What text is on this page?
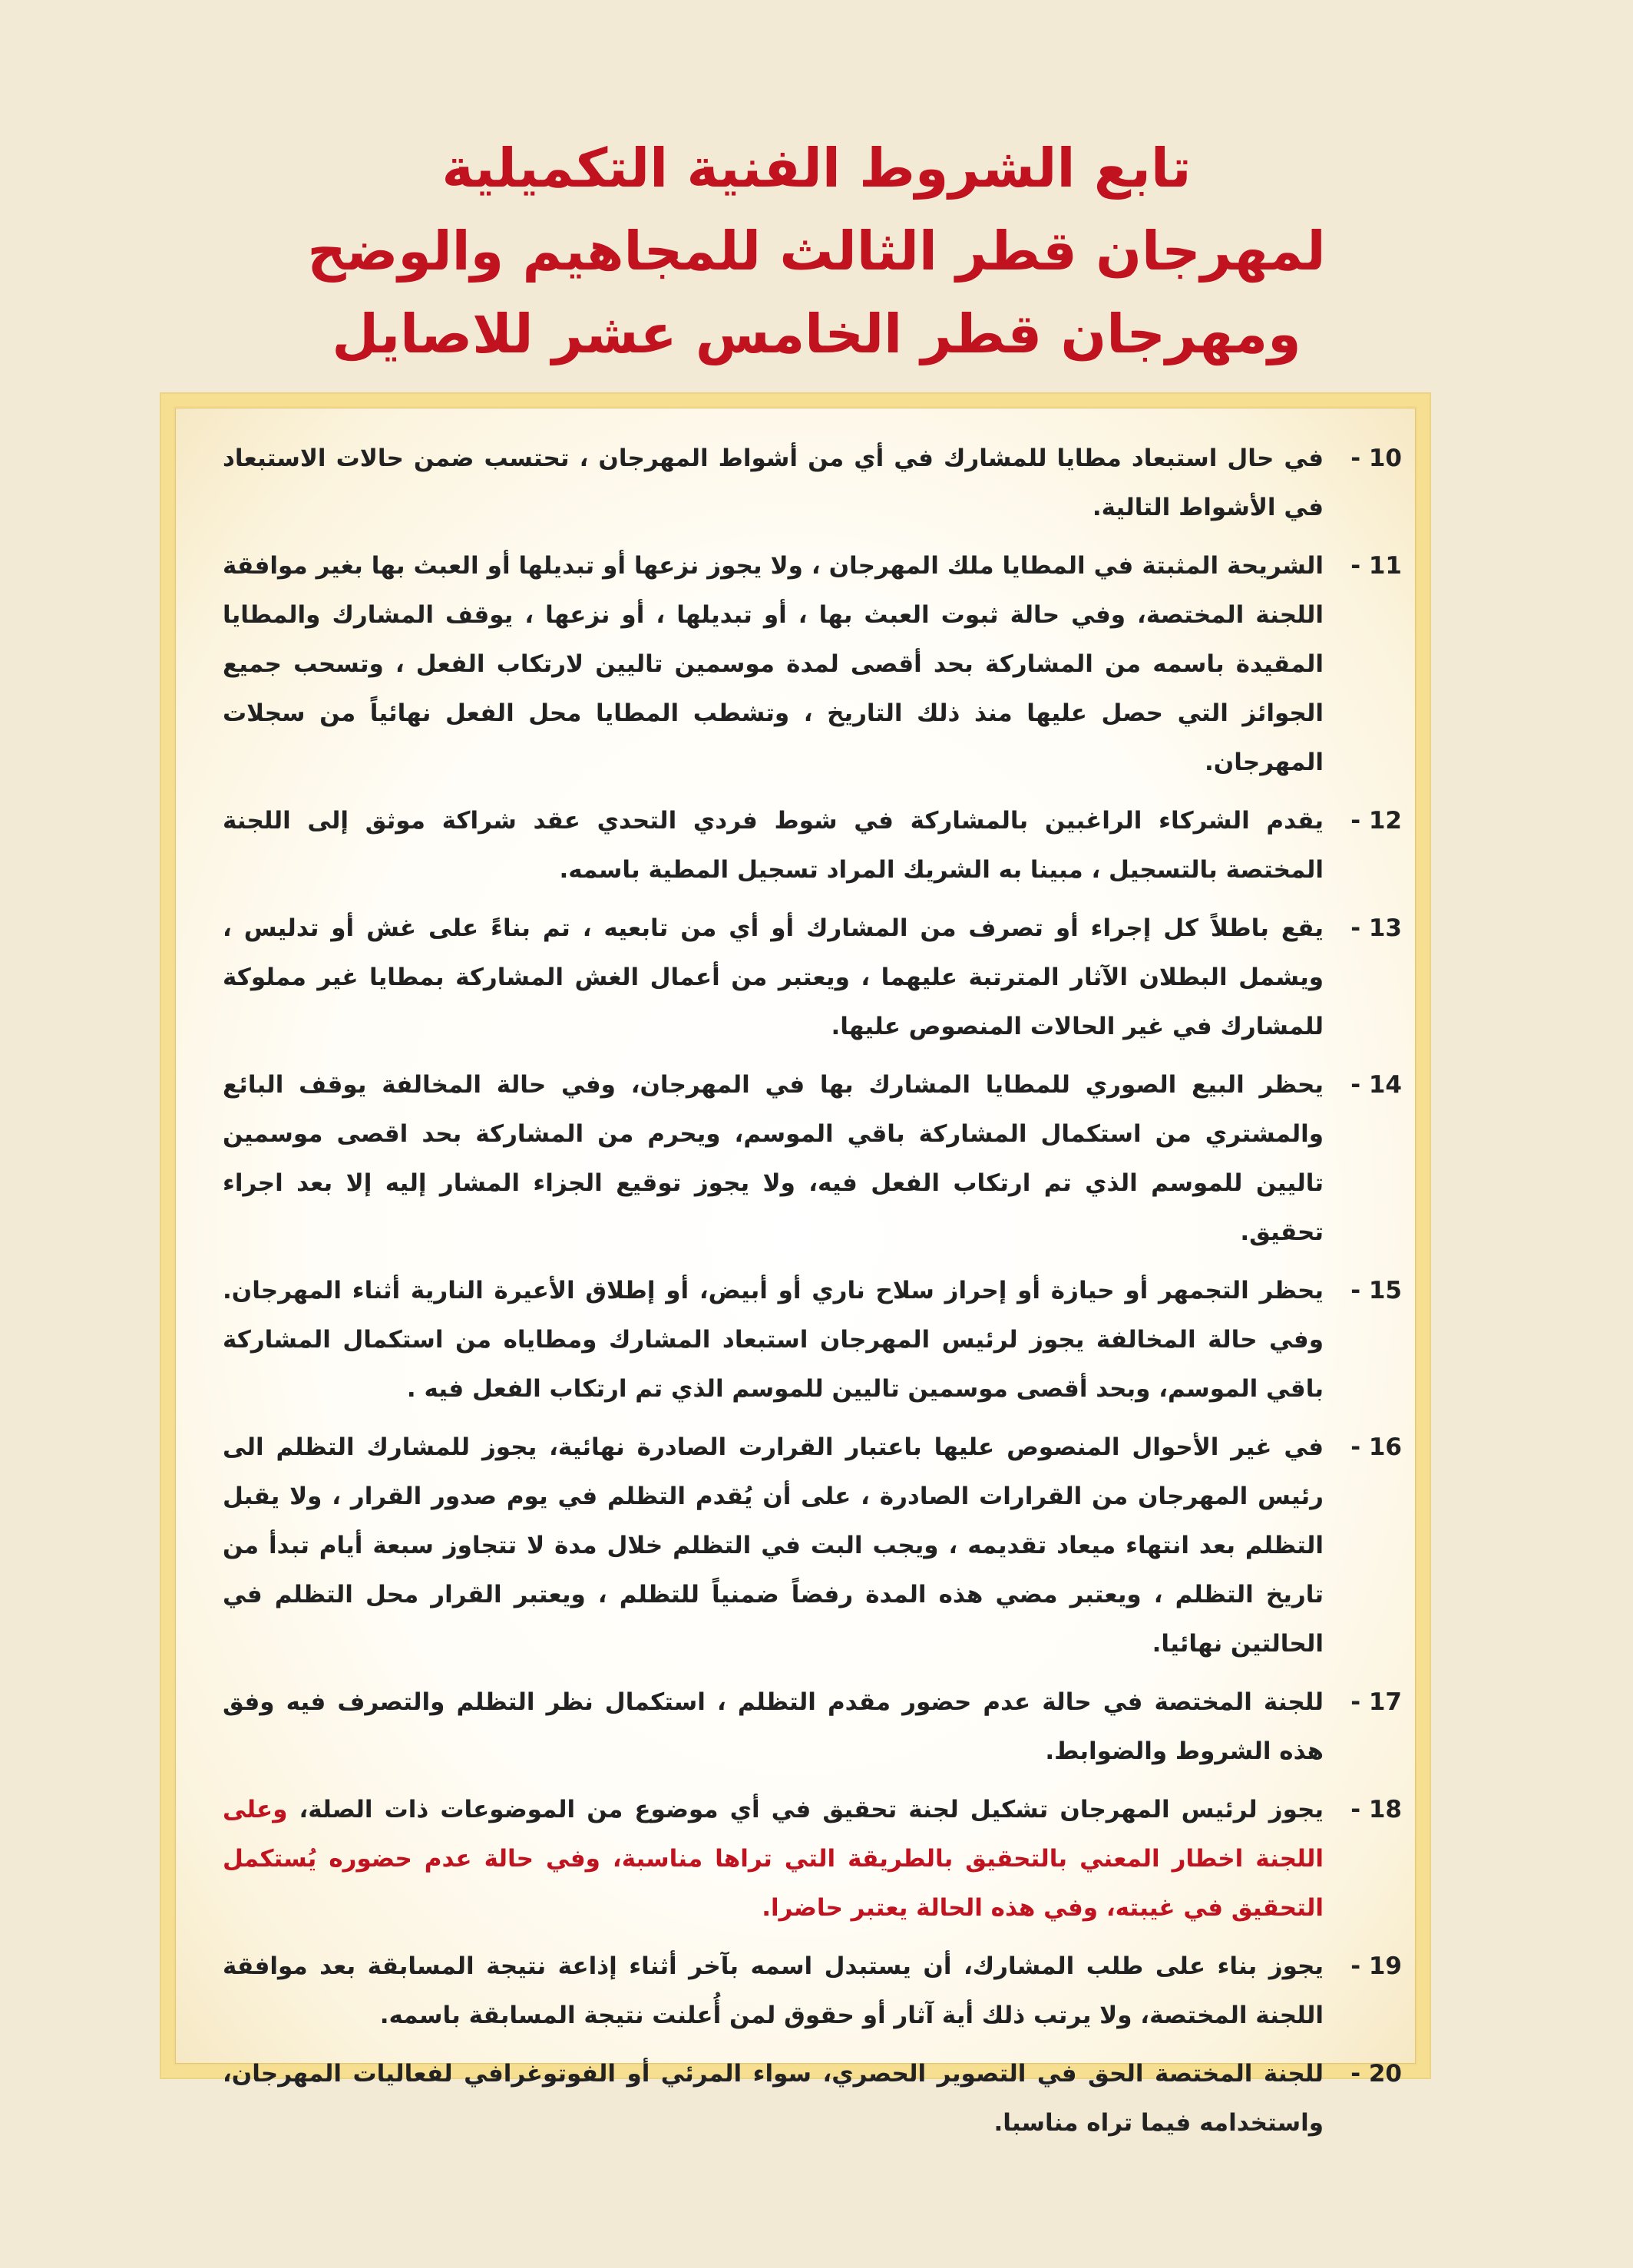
تابع الشروط الفنية التكميلية
لمهرجان قطر الثالث للمجاهيم والوضح
ومهرجان قطر الخامس عشر للاصايل
10 -
في حال استبعاد مطايا للمشارك في أي من أشواط المهرجان ، تحتسب ضمن حالات الاستبعاد في الأشواط التالية.
11 -
الشريحة المثبتة في المطايا ملك المهرجان ، ولا يجوز نزعها أو تبديلها أو العبث بها بغير موافقة اللجنة المختصة، وفي حالة ثبوت العبث بها ، أو تبديلها ، أو نزعها ، يوقف المشارك والمطايا المقيدة باسمه من المشاركة بحد أقصى لمدة موسمين تاليين لارتكاب الفعل ، وتسحب جميع الجوائز التي حصل عليها منذ ذلك التاريخ ، وتشطب المطايا محل الفعل نهائياً من سجلات المهرجان.
12 -
يقدم الشركاء الراغبين بالمشاركة في شوط فردي التحدي عقد شراكة موثق إلى اللجنة المختصة بالتسجيل ، مبينا به الشريك المراد تسجيل المطية باسمه.
13 -
يقع باطلاً كل إجراء أو تصرف من المشارك أو أي من تابعيه ، تم بناءً على غش أو تدليس ، ويشمل البطلان الآثار المترتبة عليهما ، ويعتبر من أعمال الغش المشاركة بمطايا غير مملوكة للمشارك في غير الحالات المنصوص عليها.
14 -
يحظر البيع الصوري للمطايا المشارك بها في المهرجان، وفي حالة المخالفة يوقف البائع والمشتري من استكمال المشاركة باقي الموسم، ويحرم من المشاركة بحد اقصى موسمين تاليين للموسم الذي تم ارتكاب الفعل فيه، ولا يجوز توقيع الجزاء المشار إليه إلا بعد اجراء تحقيق.
15 -
يحظر التجمهر أو حيازة أو إحراز سلاح ناري أو أبيض، أو إطلاق الأعيرة النارية أثناء المهرجان. وفي حالة المخالفة يجوز لرئيس المهرجان استبعاد المشارك ومطاياه من استكمال المشاركة باقي الموسم، وبحد أقصى موسمين تاليين للموسم الذي تم ارتكاب الفعل فيه .
16 -
في غير الأحوال المنصوص عليها باعتبار القرارت الصادرة نهائية، يجوز للمشارك التظلم الى رئيس المهرجان من القرارات الصادرة ، على أن يُقدم التظلم في يوم صدور القرار ، ولا يقبل التظلم بعد انتهاء ميعاد تقديمه ، ويجب البت في التظلم خلال مدة لا تتجاوز سبعة أيام تبدأ من تاريخ التظلم ، ويعتبر مضي هذه المدة رفضاً ضمنياً للتظلم ، ويعتبر القرار محل التظلم في الحالتين نهائيا.
17 -
للجنة المختصة في حالة عدم حضور مقدم التظلم ، استكمال نظر التظلم والتصرف فيه وفق هذه الشروط والضوابط.
18 -
يجوز لرئيس المهرجان تشكيل لجنة تحقيق في أي موضوع من الموضوعات ذات الصلة، وعلى اللجنة اخطار المعني بالتحقيق بالطريقة التي تراها مناسبة، وفي حالة عدم حضوره يُستكمل التحقيق في غيبته، وفي هذه الحالة يعتبر حاضرا.
19 -
يجوز بناء على طلب المشارك، أن يستبدل اسمه بآخر أثناء إذاعة نتيجة المسابقة بعد موافقة اللجنة المختصة، ولا يرتب ذلك أية آثار أو حقوق لمن أُعلنت نتيجة المسابقة باسمه.
20 -
للجنة المختصة الحق في التصوير الحصري، سواء المرئي أو الفوتوغرافي لفعاليات المهرجان، واستخدامه فيما تراه مناسبا.
